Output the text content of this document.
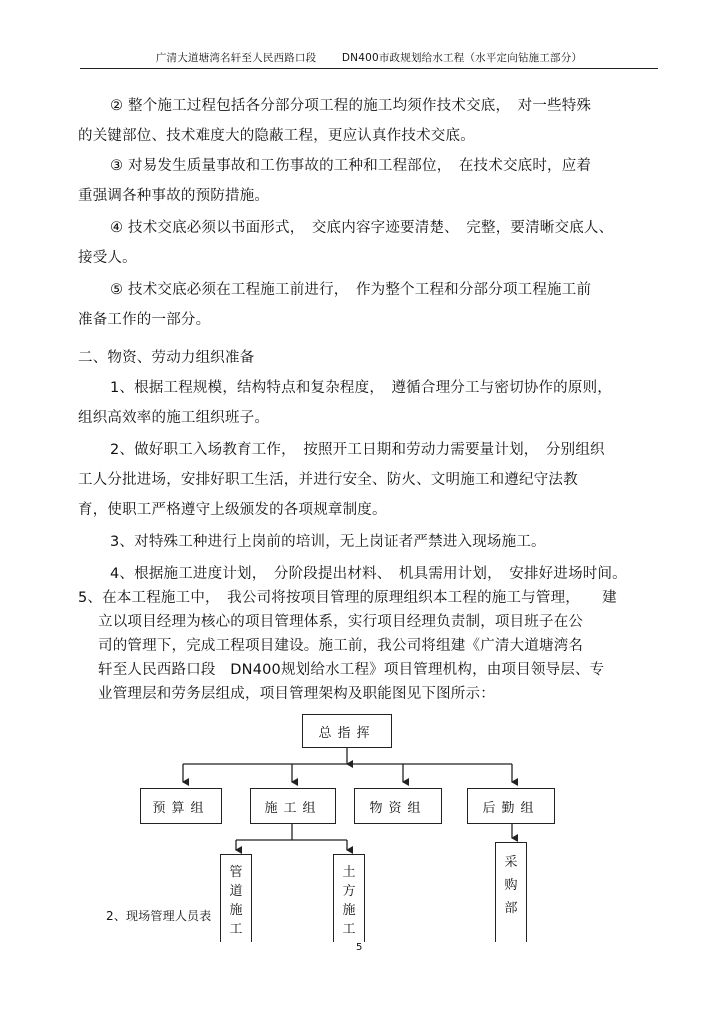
广清大道塘湾名轩至人民西路口段 DN400市政规划给水工程（水平定向钻施工部分）
② 整个施工过程包括各分部分项工程的施工均须作技术交底，　对一些特殊
的关键部位、技术难度大的隐蔽工程，更应认真作技术交底。
③ 对易发生质量事故和工伤事故的工种和工程部位，　在技术交底时，应着
重强调各种事故的预防措施。
④ 技术交底必须以书面形式，　交底内容字迹要清楚、　完整，要清晰交底人、
接受人。
⑤ 技术交底必须在工程施工前进行，　作为整个工程和分部分项工程施工前
准备工作的一部分。
二、物资、劳动力组织准备
1、根据工程规模，结构特点和复杂程度，　遵循合理分工与密切协作的原则，
组织高效率的施工组织班子。
2、做好职工入场教育工作，　按照开工日期和劳动力需要量计划，　分别组织
工人分批进场，安排好职工生活，并进行安全、防火、文明施工和遵纪守法教
育，使职工严格遵守上级颁发的各项规章制度。
3、对特殊工种进行上岗前的培训，无上岗证者严禁进入现场施工。
4、根据施工进度计划，　分阶段提出材料、　机具需用计划，　安排好进场时间。
5、在本工程施工中，　我公司将按项目管理的原理组织本工程的施工与管理，　　建
立以项目经理为核心的项目管理体系，实行项目经理负责制，项目班子在公
司的管理下，完成工程项目建设。施工前，我公司将组建《广清大道塘湾名
轩至人民西路口段　DN400规划给水工程》项目管理机构，由项目领导层、专
业管理层和劳务层组成，项目管理架构及职能图见下图所示：
总指挥
预算组	施工组	物资组	后勤组
管
道
施
工
土
方
施
工
采
购
部
2、现场管理人员表
5
